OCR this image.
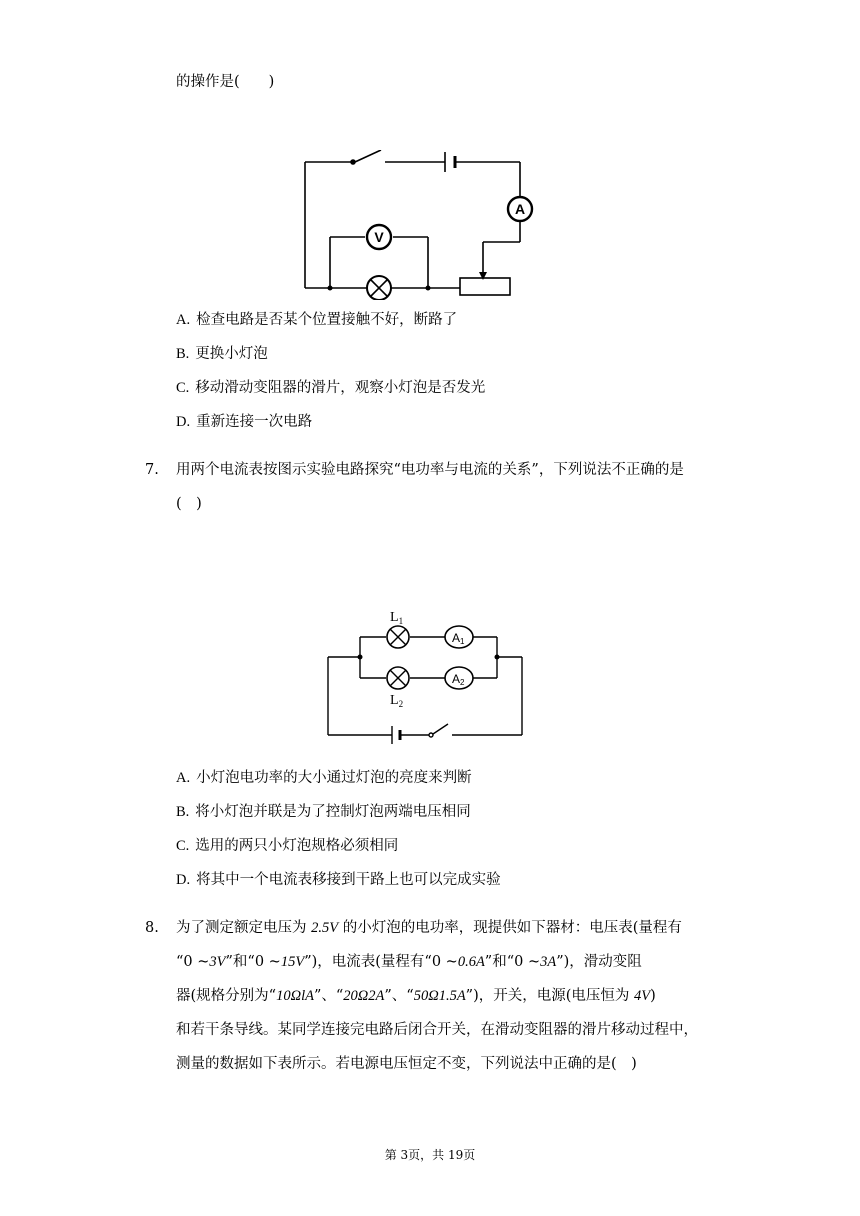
的操作是(　　)
A
V
A. 检查电路是否某个位置接触不好，断路了
B. 更换小灯泡
C. 移动滑动变阻器的滑片，观察小灯泡是否发光
D. 重新连接一次电路
7. 用两个电流表按图示实验电路探究“电功率与电流的关系”，下列说法不正确的是
(　)
$L_1$
A1
A2
$L_2$
A. 小灯泡电功率的大小通过灯泡的亮度来判断
B. 将小灯泡并联是为了控制灯泡两端电压相同
C. 选用的两只小灯泡规格必须相同
D. 将其中一个电流表移接到干路上也可以完成实验
8. 为了测定额定电压为 2.5V 的小灯泡的电功率，现提供如下器材：电压表(量程有
“0 ~3V”和“0 ~15V”)，电流表(量程有“0 ~0.6A”和“0 ~3A”)，滑动变阻
器(规格分别为“10ΩlA”、“20Ω2A”、“50Ω1.5A”)，开关，电源(电压恒为 4V)
和若干条导线。某同学连接完电路后闭合开关，在滑动变阻器的滑片移动过程中，
测量的数据如下表所示。若电源电压恒定不变，下列说法中正确的是(　)
第 3页，共 19页
